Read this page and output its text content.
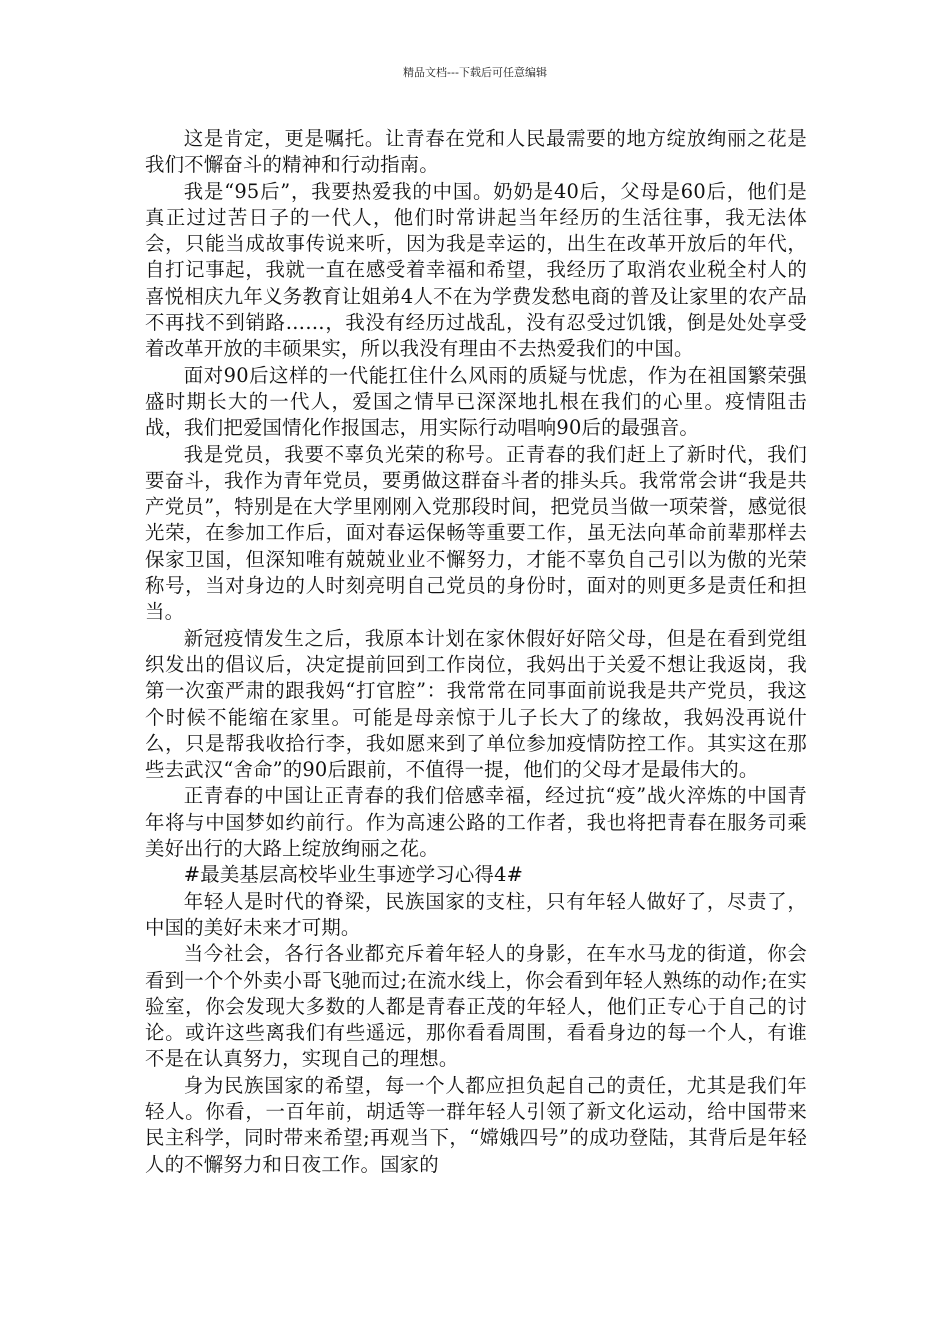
精品文档---下载后可任意编辑

这是肯定，更是嘱托。让青春在党和人民最需要的地方绽放绚丽之花是我们不懈奋斗的精神和行动指南。

我是“95后”，我要热爱我的中国。奶奶是40后，父母是60后，他们是真正过过苦日子的一代人，他们时常讲起当年经历的生活往事，我无法体会，只能当成故事传说来听，因为我是幸运的，出生在改革开放后的年代，自打记事起，我就一直在感受着幸福和希望，我经历了取消农业税全村人的喜悦相庆九年义务教育让姐弟4人不在为学费发愁电商的普及让家里的农产品不再找不到销路……，我没有经历过战乱，没有忍受过饥饿，倒是处处享受着改革开放的丰硕果实，所以我没有理由不去热爱我们的中国。

面对90后这样的一代能扛住什么风雨的质疑与忧虑，作为在祖国繁荣强盛时期长大的一代人，爱国之情早已深深地扎根在我们的心里。疫情阻击战，我们把爱国情化作报国志，用实际行动唱响90后的最强音。

我是党员，我要不辜负光荣的称号。正青春的我们赶上了新时代，我们要奋斗，我作为青年党员，要勇做这群奋斗者的排头兵。我常常会讲“我是共产党员”，特别是在大学里刚刚入党那段时间，把党员当做一项荣誉，感觉很光荣，在参加工作后，面对春运保畅等重要工作，虽无法向革命前辈那样去保家卫国，但深知唯有兢兢业业不懈努力，才能不辜负自己引以为傲的光荣称号，当对身边的人时刻亮明自己党员的身份时，面对的则更多是责任和担当。

新冠疫情发生之后，我原本计划在家休假好好陪父母，但是在看到党组织发出的倡议后，决定提前回到工作岗位，我妈出于关爱不想让我返岗，我第一次蛮严肃的跟我妈“打官腔”：我常常在同事面前说我是共产党员，我这个时候不能缩在家里。可能是母亲惊于儿子长大了的缘故，我妈没再说什么，只是帮我收拾行李，我如愿来到了单位参加疫情防控工作。其实这在那些去武汉“舍命”的90后跟前，不值得一提，他们的父母才是最伟大的。

正青春的中国让正青春的我们倍感幸福，经过抗“疫”战火淬炼的中国青年将与中国梦如约前行。作为高速公路的工作者，我也将把青春在服务司乘美好出行的大路上绽放绚丽之花。

#最美基层高校毕业生事迹学习心得4#

年轻人是时代的脊梁，民族国家的支柱，只有年轻人做好了，尽责了，中国的美好未来才可期。

当今社会，各行各业都充斥着年轻人的身影，在车水马龙的街道，你会看到一个个外卖小哥飞驰而过;在流水线上，你会看到年轻人熟练的动作;在实验室，你会发现大多数的人都是青春正茂的年轻人，他们正专心于自己的讨论。或许这些离我们有些遥远，那你看看周围，看看身边的每一个人，有谁不是在认真努力，实现自己的理想。

身为民族国家的希望，每一个人都应担负起自己的责任，尤其是我们年轻人。你看，一百年前，胡适等一群年轻人引领了新文化运动，给中国带来民主科学，同时带来希望;再观当下，“嫦娥四号”的成功登陆，其背后是年轻人的不懈努力和日夜工作。国家的
